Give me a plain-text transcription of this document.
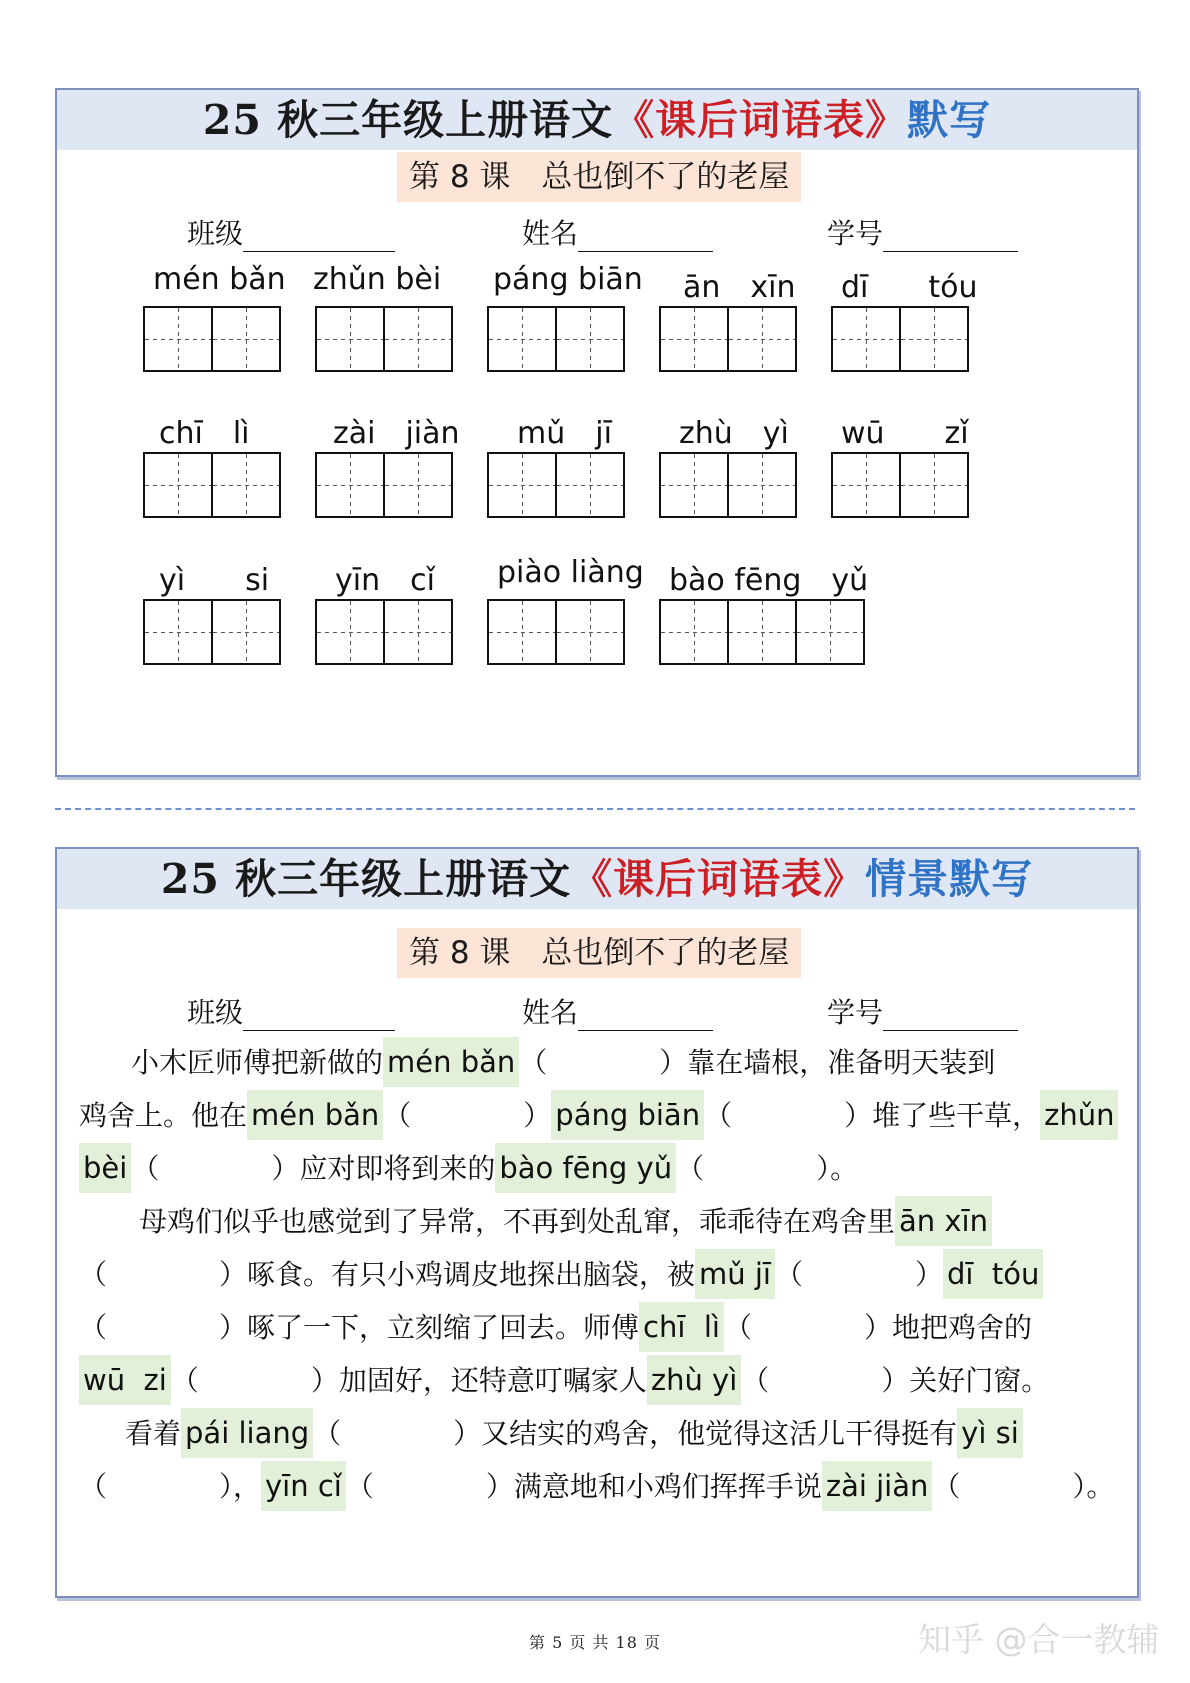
25 秋三年级上册语文《课后词语表》默写
第 8 课　总也倒不了的老屋
班级	姓名	学号
mén bǎn zhǔn bèi páng biān ān　xīn dī　　tóu
chī　lì	zài　jiàn mǔ　jī zhù　yì wū　　zǐ
yì　　si yīn　cǐ piào liàng bào fēng　yǔ
25 秋三年级上册语文《课后词语表》情景默写
第 8 课　总也倒不了的老屋
班级	姓名	学号
小木匠师傅把新做的 mén bǎn （　　　　）靠在墙根，准备明天装到
鸡舍上。他在 mén bǎn （　　　　） páng biān （　　　　）堆了些干草， zhǔn
bèi （　　　　）应对即将到来的 bào fēng yǔ （　　　　）。
母鸡们似乎也感觉到了异常，不再到处乱窜，乖乖待在鸡舍里 ān xīn
（　　　　）啄食。有只小鸡调皮地探出脑袋，被 mǔ jī （　　　　） dī  tóu
（　　　　）啄了一下，立刻缩了回去。师傅 chī  lì （　　　　）地把鸡舍的
wū  zi （　　　　）加固好，还特意叮嘱家人 zhù yì （　　　　）关好门窗。
看着 pái liang （　　　　）又结实的鸡舍，他觉得这活儿干得挺有 yì si
（　　　　）， yīn cǐ （　　　　）满意地和小鸡们挥挥手说 zài jiàn （　　　　）。
第 5 页 共 18 页	知乎 @合一教辅
